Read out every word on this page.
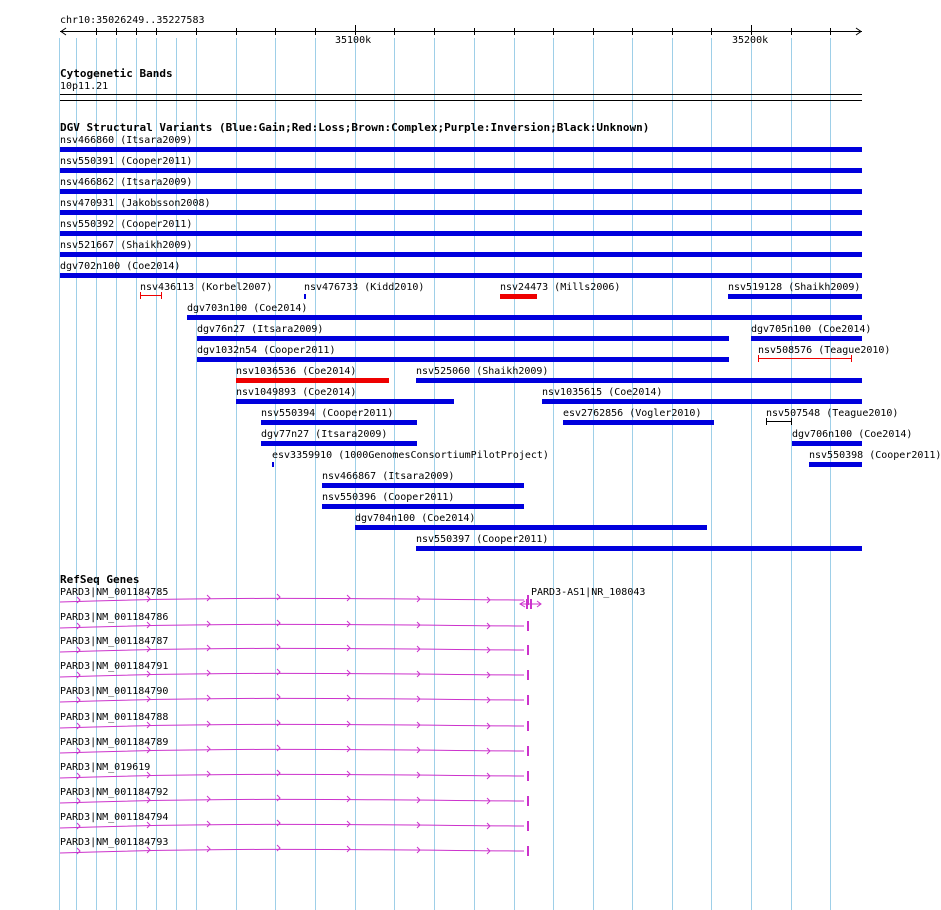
chr10:35026249..35227583
35100k	35200k
Cytogenetic Bands
10p11.21
DGV Structural Variants (Blue:Gain;Red:Loss;Brown:Complex;Purple:Inversion;Black:Unknown)
nsv466860 (Itsara2009)
nsv550391 (Cooper2011)
nsv466862 (Itsara2009)
nsv470931 (Jakobsson2008)
nsv550392 (Cooper2011)
nsv521667 (Shaikh2009)
dgv702n100 (Coe2014)
nsv436113 (Korbel2007)	nsv476733 (Kidd2010)	nsv24473 (Mills2006)	nsv519128 (Shaikh2009)
dgv703n100 (Coe2014)
dgv76n27 (Itsara2009)	dgv705n100 (Coe2014)
dgv1032n54 (Cooper2011)	nsv508576 (Teague2010)
nsv1036536 (Coe2014)	nsv525060 (Shaikh2009)
nsv1049893 (Coe2014)	nsv1035615 (Coe2014)
nsv550394 (Cooper2011)	esv2762856 (Vogler2010)	nsv507548 (Teague2010)
dgv77n27 (Itsara2009)	dgv706n100 (Coe2014)
esv3359910 (1000GenomesConsortiumPilotProject)	nsv550398 (Cooper2011)
nsv466867 (Itsara2009)
nsv550396 (Cooper2011)
dgv704n100 (Coe2014)
nsv550397 (Cooper2011)
RefSeq Genes
PARD3-AS1|NR_108043
PARD3|NM_001184785
PARD3|NM_001184786
PARD3|NM_001184787
PARD3|NM_001184791
PARD3|NM_001184790
PARD3|NM_001184788
PARD3|NM_001184789
PARD3|NM_019619
PARD3|NM_001184792
PARD3|NM_001184794
PARD3|NM_001184793
